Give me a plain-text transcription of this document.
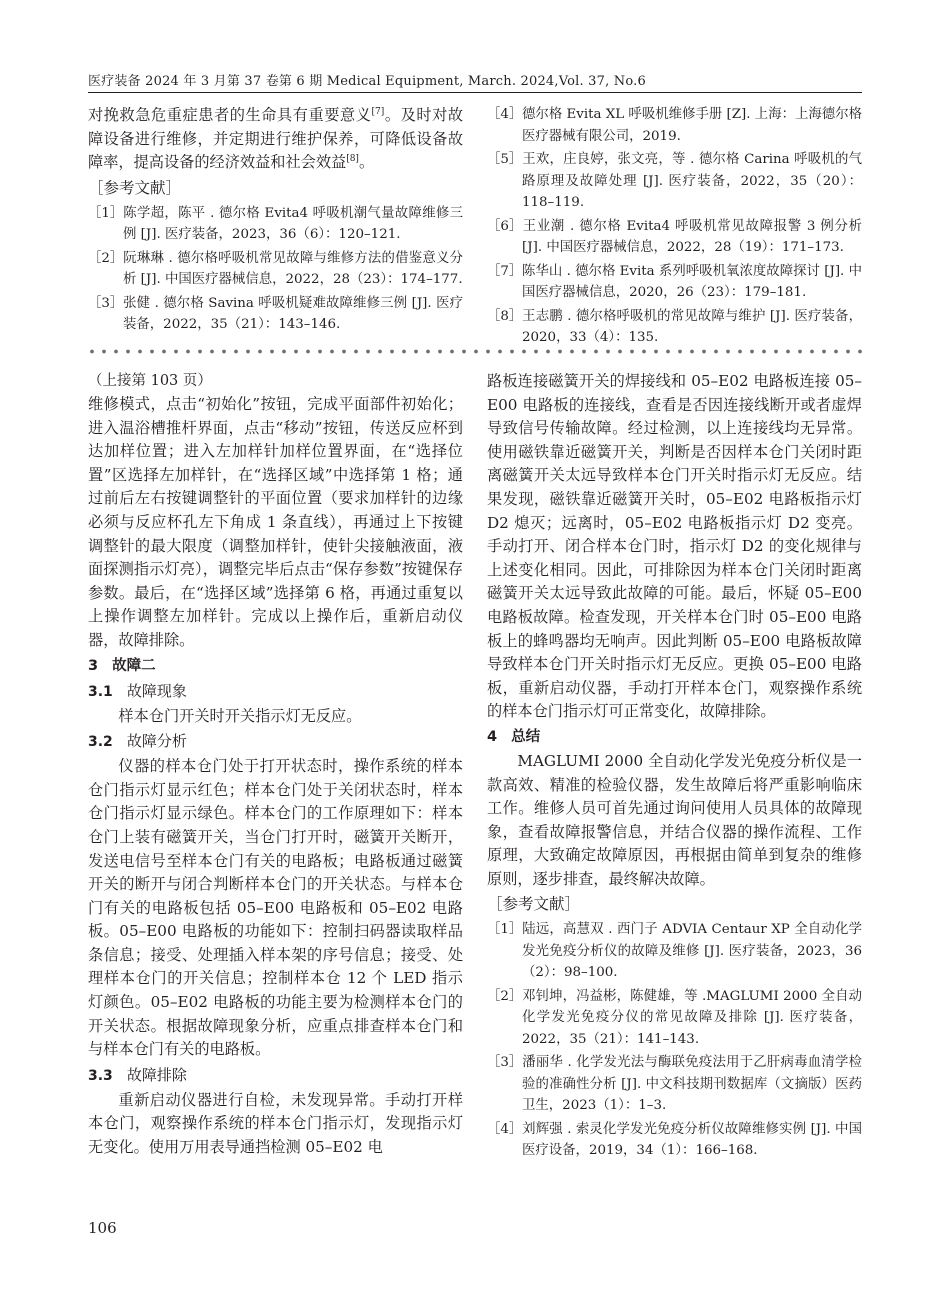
医疗装备 2024 年 3 月第 37 卷第 6 期 Medical Equipment, March. 2024,Vol. 37, No.6

对挽救急危重症患者的生命具有重要意义[7]。及时对故障设备进行维修，并定期进行维护保养，可降低设备故障率，提高设备的经济效益和社会效益[8]。

［参考文献］
［1］陈学超，陈平 . 德尔格 Evita4 呼吸机潮气量故障维修三例 [J]. 医疗装备，2023，36（6）：120–121.
［2］阮琳琳 . 德尔格呼吸机常见故障与维修方法的借鉴意义分析 [J]. 中国医疗器械信息，2022，28（23）：174–177.
［3］张健 . 德尔格 Savina 呼吸机疑难故障维修三例 [J]. 医疗装备，2022，35（21）：143–146.
［4］德尔格 Evita XL 呼吸机维修手册 [Z]. 上海：上海德尔格医疗器械有限公司，2019.
［5］王欢，庄良婷，张文亮，等 . 德尔格 Carina 呼吸机的气路原理及故障处理 [J]. 医疗装备，2022，35（20）：118–119.
［6］王业潮 . 德尔格 Evita4 呼吸机常见故障报警 3 例分析 [J]. 中国医疗器械信息，2022，28（19）：171–173.
［7］陈华山 . 德尔格 Evita 系列呼吸机氧浓度故障探讨 [J]. 中国医疗器械信息，2020，26（23）：179–181.
［8］王志鹏 . 德尔格呼吸机的常见故障与维护 [J]. 医疗装备，2020，33（4）：135.
（上接第 103 页）

维修模式，点击“初始化”按钮，完成平面部件初始化；进入温浴槽推杆界面，点击“移动”按钮，传送反应杯到达加样位置；进入左加样针加样位置界面，在“选择位置”区选择左加样针，在“选择区域”中选择第 1 格；通过前后左右按键调整针的平面位置（要求加样针的边缘必须与反应杯孔左下角成 1 条直线），再通过上下按键调整针的最大限度（调整加样针，使针尖接触液面，液面探测指示灯亮），调整完毕后点击“保存参数”按键保存参数。最后，在“选择区域”选择第 6 格，再通过重复以上操作调整左加样针。完成以上操作后，重新启动仪器，故障排除。

3 故障二
3.1 故障现象

样本仓门开关时开关指示灯无反应。

3.2 故障分析

仪器的样本仓门处于打开状态时，操作系统的样本仓门指示灯显示红色；样本仓门处于关闭状态时，样本仓门指示灯显示绿色。样本仓门的工作原理如下：样本仓门上装有磁簧开关，当仓门打开时，磁簧开关断开，发送电信号至样本仓门有关的电路板；电路板通过磁簧开关的断开与闭合判断样本仓门的开关状态。与样本仓门有关的电路板包括 05–E00 电路板和 05–E02 电路板。05–E00 电路板的功能如下：控制扫码器读取样品条信息；接受、处理插入样本架的序号信息；接受、处理样本仓门的开关信息；控制样本仓 12 个 LED 指示灯颜色。05–E02 电路板的功能主要为检测样本仓门的开关状态。根据故障现象分析，应重点排查样本仓门和与样本仓门有关的电路板。

3.3 故障排除

重新启动仪器进行自检，未发现异常。手动打开样本仓门，观察操作系统的样本仓门指示灯，发现指示灯无变化。使用万用表导通挡检测 05–E02 电

路板连接磁簧开关的焊接线和 05–E02 电路板连接 05–E00 电路板的连接线，查看是否因连接线断开或者虚焊导致信号传输故障。经过检测，以上连接线均无异常。使用磁铁靠近磁簧开关，判断是否因样本仓门关闭时距离磁簧开关太远导致样本仓门开关时指示灯无反应。结果发现，磁铁靠近磁簧开关时，05–E02 电路板指示灯 D2 熄灭；远离时，05–E02 电路板指示灯 D2 变亮。手动打开、闭合样本仓门时，指示灯 D2 的变化规律与上述变化相同。因此，可排除因为样本仓门关闭时距离磁簧开关太远导致此故障的可能。最后，怀疑 05–E00 电路板故障。检查发现，开关样本仓门时 05–E00 电路板上的蜂鸣器均无响声。因此判断 05–E00 电路板故障导致样本仓门开关时指示灯无反应。更换 05–E00 电路板，重新启动仪器，手动打开样本仓门，观察操作系统的样本仓门指示灯可正常变化，故障排除。

4 总结

MAGLUMI 2000 全自动化学发光免疫分析仪是一款高效、精准的检验仪器，发生故障后将严重影响临床工作。维修人员可首先通过询问使用人员具体的故障现象，查看故障报警信息，并结合仪器的操作流程、工作原理，大致确定故障原因，再根据由简单到复杂的维修原则，逐步排查，最终解决故障。

［参考文献］
［1］陆远，高慧双 . 西门子 ADVIA Centaur XP 全自动化学发光免疫分析仪的故障及维修 [J]. 医疗装备，2023，36（2）：98–100.
［2］邓钊坤，冯益彬，陈健雄，等 .MAGLUMI 2000 全自动化学发光免疫分仪的常见故障及排除 [J]. 医疗装备，2022，35（21）：141–143.
［3］潘丽华 . 化学发光法与酶联免疫法用于乙肝病毒血清学检验的准确性分析 [J]. 中文科技期刊数据库（文摘版）医药卫生，2023（1）：1–3.
［4］刘辉强 . 索灵化学发光免疫分析仪故障维修实例 [J]. 中国医疗设备，2019，34（1）：166–168.
106
